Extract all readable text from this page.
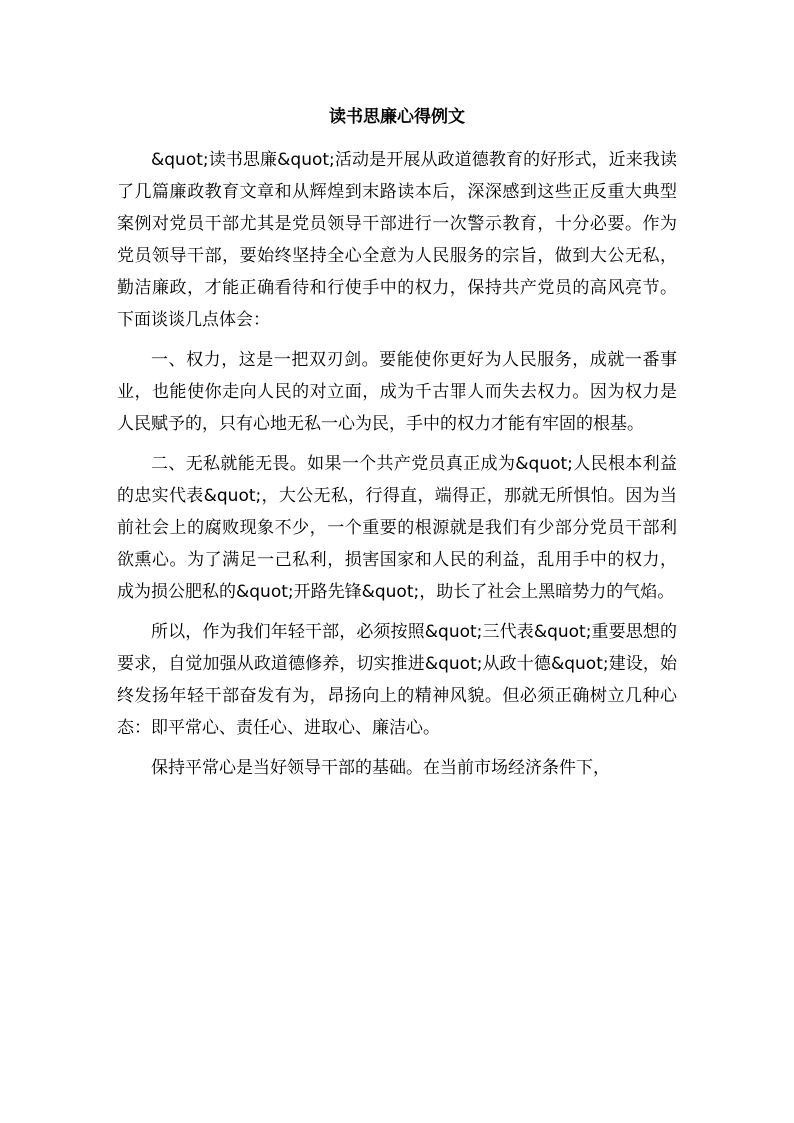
读书思廉心得例文

&quot;读书思廉&quot;活动是开展从政道德教育的好形式，近来我读了几篇廉政教育文章和从辉煌到末路读本后，深深感到这些正反重大典型案例对党员干部尤其是党员领导干部进行一次警示教育，十分必要。作为党员领导干部，要始终坚持全心全意为人民服务的宗旨，做到大公无私，勤洁廉政，才能正确看待和行使手中的权力，保持共产党员的高风亮节。下面谈谈几点体会：

一、权力，这是一把双刃剑。要能使你更好为人民服务，成就一番事业，也能使你走向人民的对立面，成为千古罪人而失去权力。因为权力是人民赋予的，只有心地无私一心为民，手中的权力才能有牢固的根基。

二、无私就能无畏。如果一个共产党员真正成为&quot;人民根本利益的忠实代表&quot;，大公无私，行得直，端得正，那就无所惧怕。因为当前社会上的腐败现象不少，一个重要的根源就是我们有少部分党员干部利欲熏心。为了满足一己私利，损害国家和人民的利益，乱用手中的权力，成为损公肥私的&quot;开路先锋&quot;，助长了社会上黑暗势力的气焰。

所以，作为我们年轻干部，必须按照&quot;三代表&quot;重要思想的要求，自觉加强从政道德修养，切实推进&quot;从政十德&quot;建设，始终发扬年轻干部奋发有为，昂扬向上的精神风貌。但必须正确树立几种心态：即平常心、责任心、进取心、廉洁心。

保持平常心是当好领导干部的基础。在当前市场经济条件下，
